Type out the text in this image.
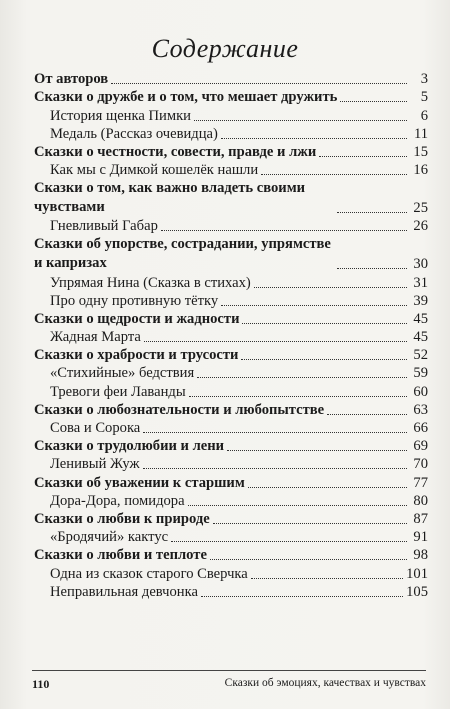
Содержание
От авторов	3
Сказки о дружбе и о том, что мешает дружить	5
История щенка Пимки	6
Медаль (Рассказ очевидца)	11
Сказки о честности, совести, правде и лжи	15
Как мы с Димкой кошелёк нашли	16
Сказки о том, как важно владеть своими чувствами	25
Гневливый Габар	26
Сказки об упорстве, сострадании, упрямстве и капризах	30
Упрямая Нина (Сказка в стихах)	31
Про одну противную тётку	39
Сказки о щедрости и жадности	45
Жадная Марта	45
Сказки о храбрости и трусости	52
«Стихийные» бедствия	59
Тревоги феи Лаванды	60
Сказки о любознательности и любопытстве	63
Сова и Сорока	66
Сказки о трудолюбии и лени	69
Ленивый Жуж	70
Сказки об уважении к старшим	77
Дора-Дора, помидора	80
Сказки о любви к природе	87
«Бродячий» кактус	91
Сказки о любви и теплоте	98
Одна из сказок старого Сверчка	101
Неправильная девчонка	105
110	Сказки об эмоциях, качествах и чувствах
